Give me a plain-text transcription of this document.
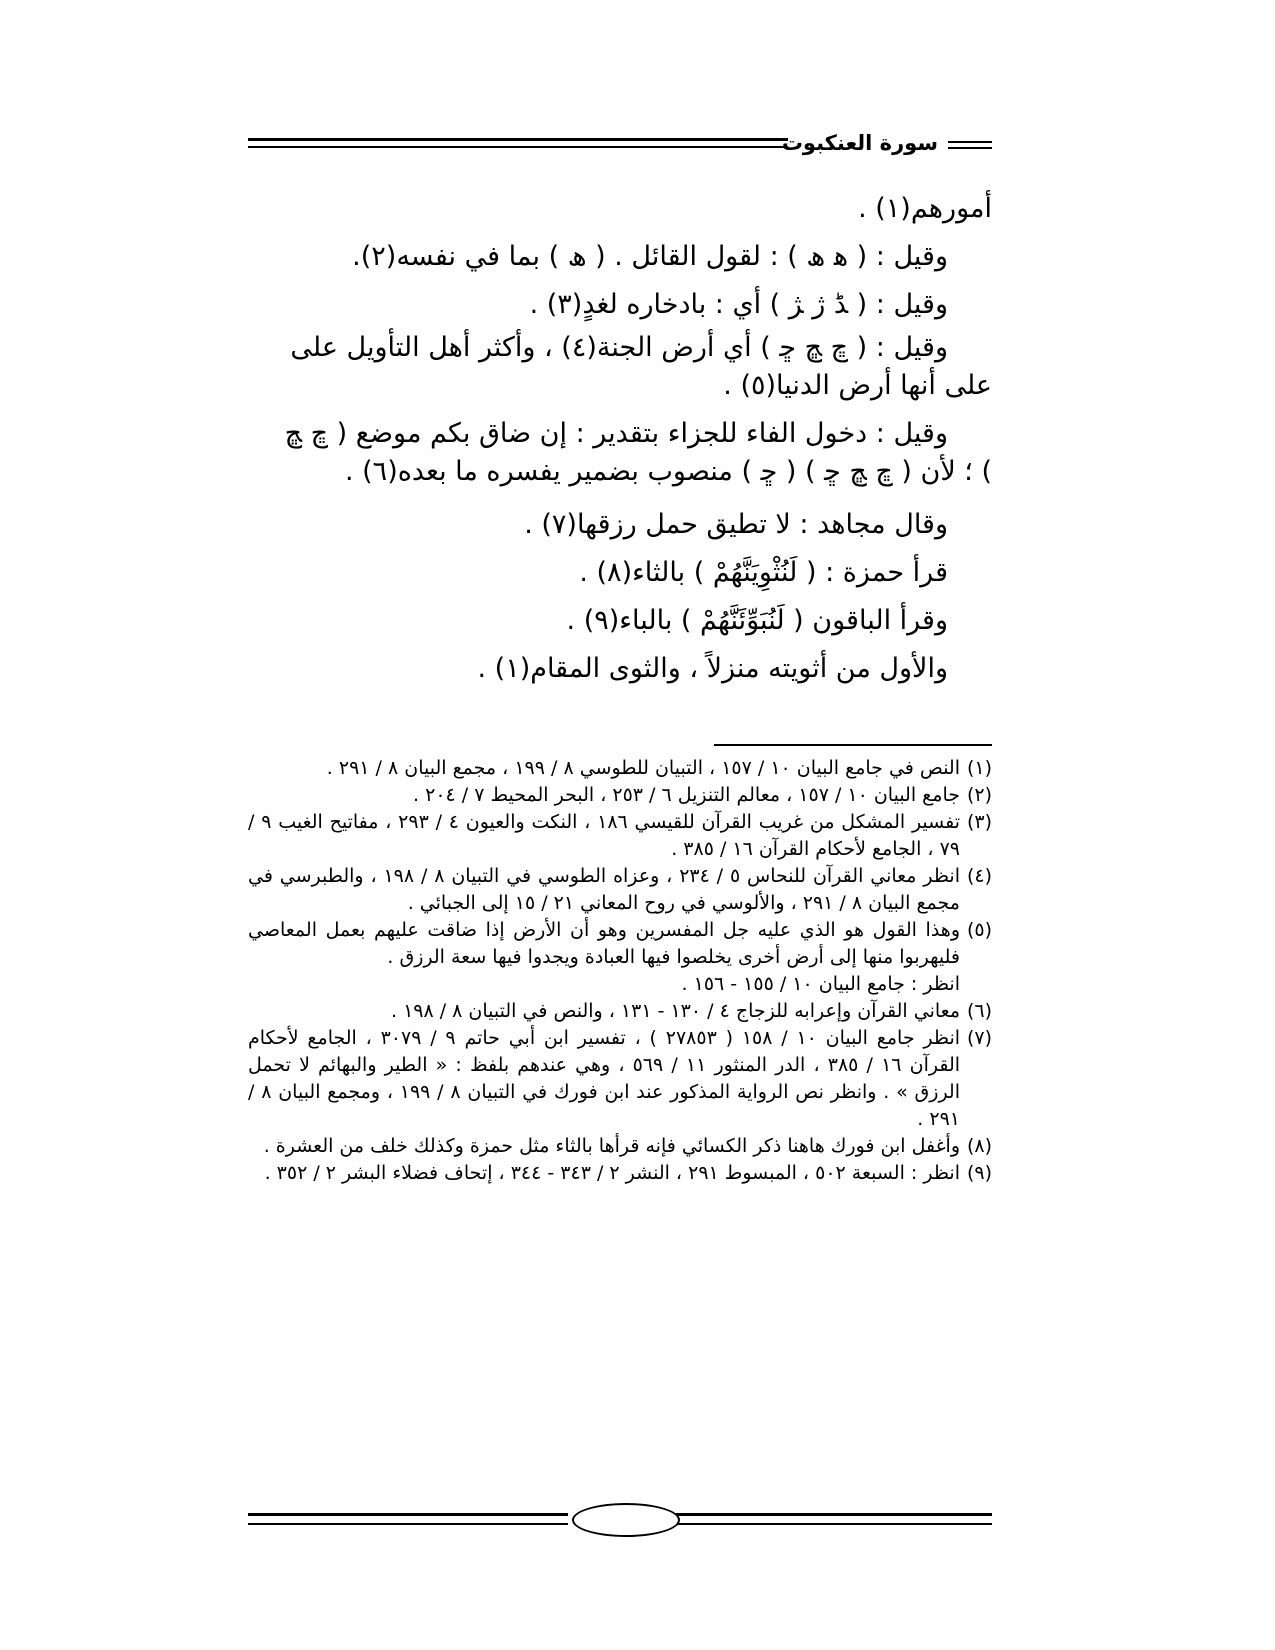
سورة العنكبوت
أمورهم(١) .
وقيل : ( ﮬ ﮪ ) : لقول القائل . ( ﮪ ) بما في نفسه(٢).
وقيل : ( ﮉ ﮊ ﮋ ) أي : بادخاره لغدٍ(٣) .
وقيل : ( ﭾ ﭿ ﮀ ) أي أرض الجنة(٤) ، وأكثر أهل التأويل على
على أنها أرض الدنيا(٥) .
وقيل : دخول الفاء للجزاء بتقدير : إن ضاق بكم موضع ( ﭾ ﭿ
) ؛ لأن ( ﭾ ﭿ ﮀ ) ( ﮀ ) منصوب بضمير يفسره ما بعده(٦) .
وقال مجاهد : لا تطيق حمل رزقها(٧) .
قرأ حمزة : ( لَنُثْوِيَنَّهُمْ ) بالثاء(٨) .
وقرأ الباقون ( لَنُبَوِّئَنَّهُمْ ) بالباء(٩) .
والأول من أثويته منزلاً ، والثوى المقام(١) .
(١)
النص في جامع البيان ١٠ / ١٥٧ ، التبيان للطوسي ٨ / ١٩٩ ، مجمع البيان ٨ / ٢٩١ .
(٢)
جامع البيان ١٠ / ١٥٧ ، معالم التنزيل ٦ / ٢٥٣ ، البحر المحيط ٧ / ٢٠٤ .
(٣)
تفسير المشكل من غريب القرآن للقيسي ١٨٦ ، النكت والعيون ٤ / ٢٩٣ ، مفاتيح الغيب ٩ / ٧٩ ، الجامع لأحكام القرآن ١٦ / ٣٨٥ .
(٤)
انظر معاني القرآن للنحاس ٥ / ٢٣٤ ، وعزاه الطوسي في التبيان ٨ / ١٩٨ ، والطبرسي في مجمع البيان ٨ / ٢٩١ ، والألوسي في روح المعاني ٢١ / ١٥ إلى الجبائي .
(٥)
وهذا القول هو الذي عليه جل المفسرين وهو أن الأرض إذا ضاقت عليهم بعمل المعاصي فليهربوا منها إلى أرض أخرى يخلصوا فيها العبادة ويجدوا فيها سعة الرزق .
انظر : جامع البيان ١٠ / ١٥٥ - ١٥٦ .
(٦)
معاني القرآن وإعرابه للزجاج ٤ / ١٣٠ - ١٣١ ، والنص في التبيان ٨ / ١٩٨ .
(٧)
انظر جامع البيان ١٠ / ١٥٨ ( ٢٧٨٥٣ ) ، تفسير ابن أبي حاتم ٩ / ٣٠٧٩ ، الجامع لأحكام القرآن ١٦ / ٣٨٥ ، الدر المنثور ١١ / ٥٦٩ ، وهي عندهم بلفظ : « الطير والبهائم لا تحمل الرزق » . وانظر نص الرواية المذكور عند ابن فورك في التبيان ٨ / ١٩٩ ، ومجمع البيان ٨ / ٢٩١ .
(٨)
وأغفل ابن فورك هاهنا ذكر الكسائي فإنه قرأها بالثاء مثل حمزة وكذلك خلف من العشرة .
(٩)
انظر : السبعة ٥٠٢ ، المبسوط ٢٩١ ، النشر ٢ / ٣٤٣ - ٣٤٤ ، إتحاف فضلاء البشر ٢ / ٣٥٢ .
